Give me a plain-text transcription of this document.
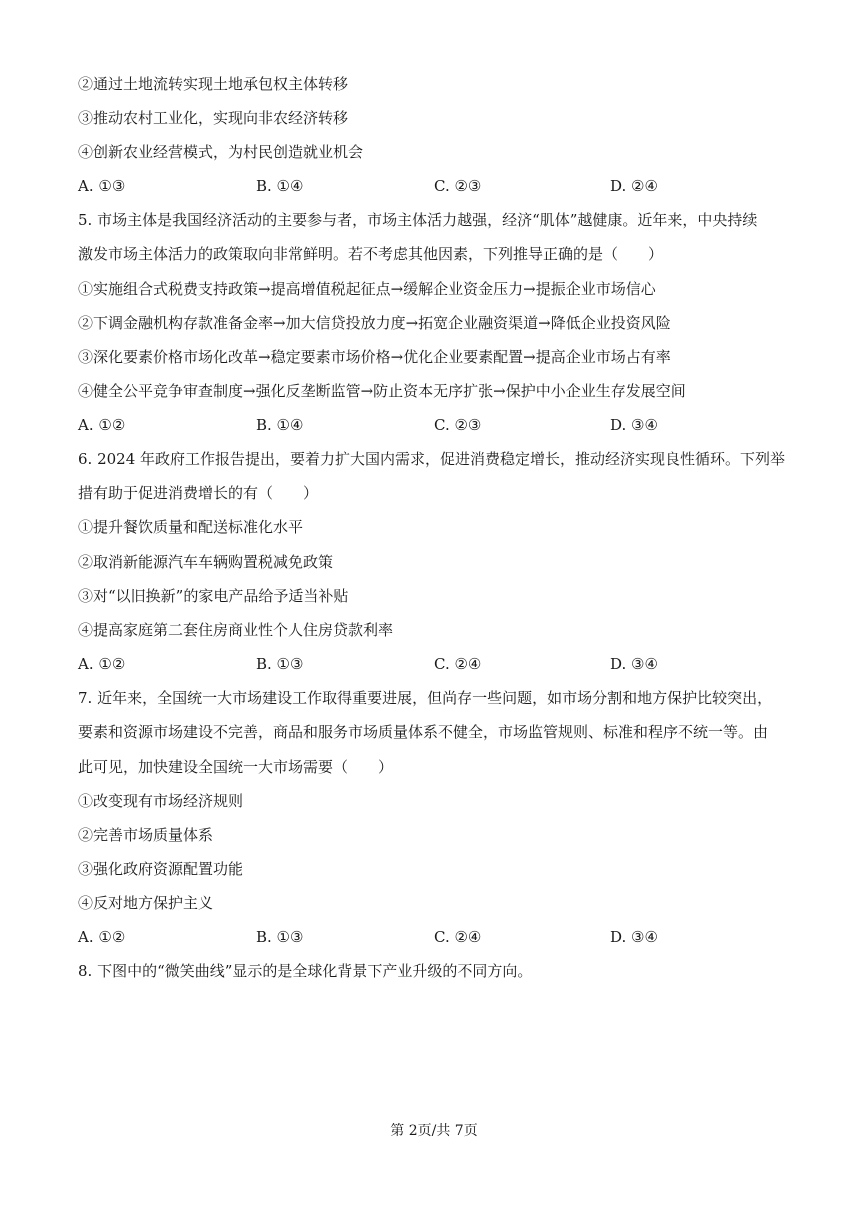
②通过土地流转实现土地承包权主体转移
③推动农村工业化，实现向非农经济转移
④创新农业经营模式，为村民创造就业机会
A. ①③	B. ①④	C. ②③	D. ②④
5. 市场主体是我国经济活动的主要参与者，市场主体活力越强，经济“肌体”越健康。近年来，中央持续
激发市场主体活力的政策取向非常鲜明。若不考虑其他因素，下列推导正确的是（　　）
①实施组合式税费支持政策→提高增值税起征点→缓解企业资金压力→提振企业市场信心
②下调金融机构存款准备金率→加大信贷投放力度→拓宽企业融资渠道→降低企业投资风险
③深化要素价格市场化改革→稳定要素市场价格→优化企业要素配置→提高企业市场占有率
④健全公平竞争审查制度→强化反垄断监管→防止资本无序扩张→保护中小企业生存发展空间
A. ①②	B. ①④	C. ②③	D. ③④
6. 2024 年政府工作报告提出，要着力扩大国内需求，促进消费稳定增长，推动经济实现良性循环。下列举
措有助于促进消费增长的有（　　）
①提升餐饮质量和配送标准化水平
②取消新能源汽车车辆购置税减免政策
③对“以旧换新”的家电产品给予适当补贴
④提高家庭第二套住房商业性个人住房贷款利率
A. ①②	B. ①③	C. ②④	D. ③④
7. 近年来，全国统一大市场建设工作取得重要进展，但尚存一些问题，如市场分割和地方保护比较突出，
要素和资源市场建设不完善，商品和服务市场质量体系不健全，市场监管规则、标准和程序不统一等。由
此可见，加快建设全国统一大市场需要（　　）
①改变现有市场经济规则
②完善市场质量体系
③强化政府资源配置功能
④反对地方保护主义
A. ①②	B. ①③	C. ②④	D. ③④
8. 下图中的“微笑曲线”显示的是全球化背景下产业升级的不同方向。
第 2页/共 7页
